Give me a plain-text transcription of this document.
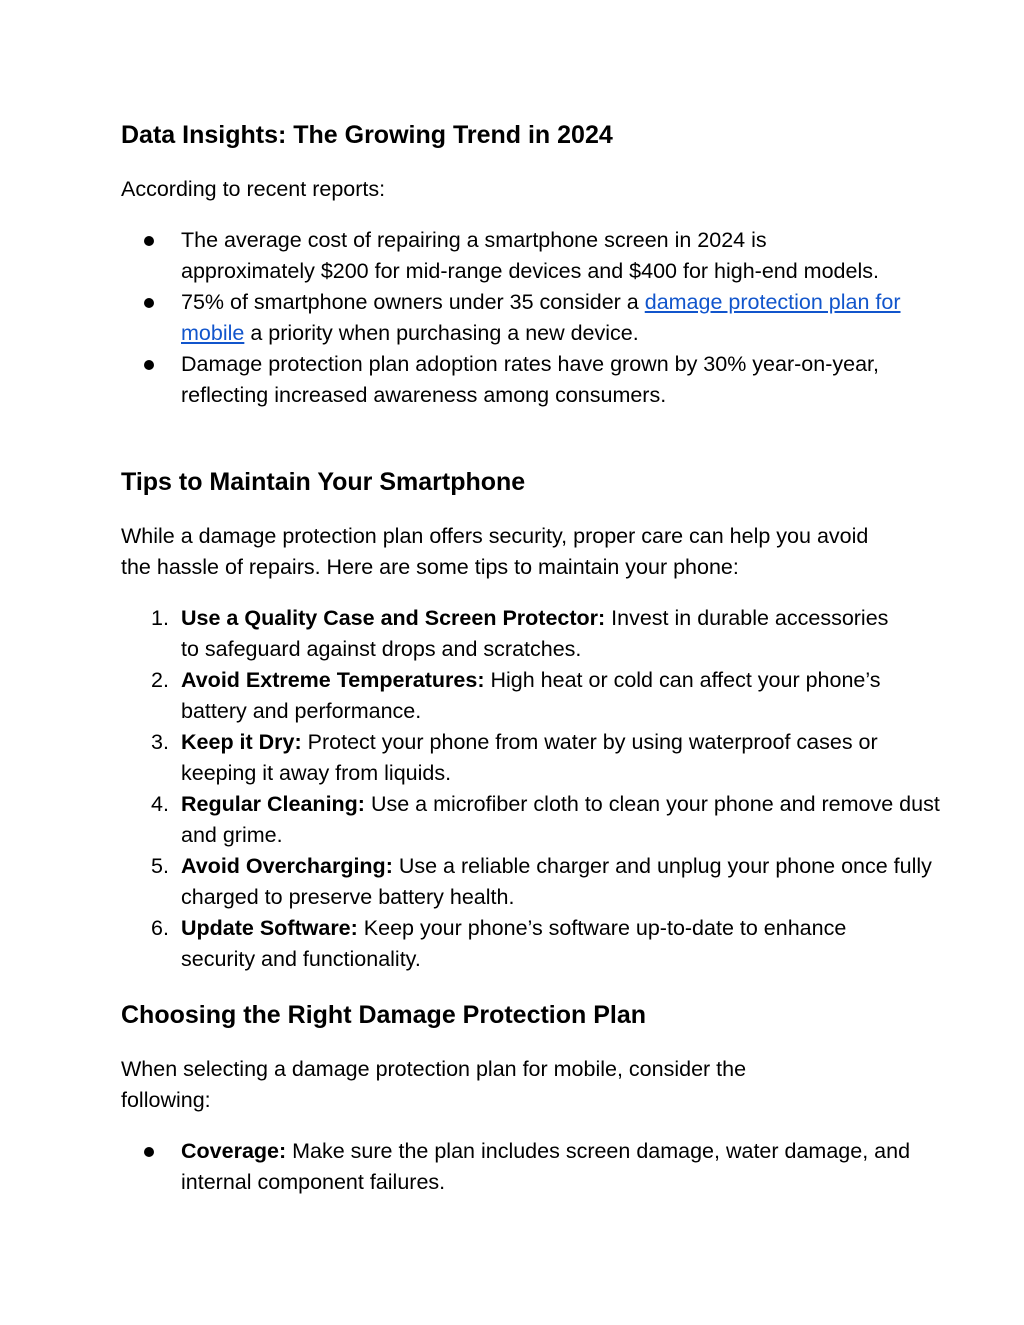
Data Insights: The Growing Trend in 2024

According to recent reports:

The average cost of repairing a smartphone screen in 2024 is approximately $200 for mid-range devices and $400 for high-end models.
75% of smartphone owners under 35 consider a damage protection plan for mobile a priority when purchasing a new device.
Damage protection plan adoption rates have grown by 30% year-on-year, reflecting increased awareness among consumers.
Tips to Maintain Your Smartphone

While a damage protection plan offers security, proper care can help you avoid the hassle of repairs. Here are some tips to maintain your phone:

1. Use a Quality Case and Screen Protector: Invest in durable accessories to safeguard against drops and scratches.
2. Avoid Extreme Temperatures: High heat or cold can affect your phone’s battery and performance.
3. Keep it Dry: Protect your phone from water by using waterproof cases or keeping it away from liquids.
4. Regular Cleaning: Use a microfiber cloth to clean your phone and remove dust and grime.
5. Avoid Overcharging: Use a reliable charger and unplug your phone once fully charged to preserve battery health.
6. Update Software: Keep your phone’s software up-to-date to enhance security and functionality.
Choosing the Right Damage Protection Plan

When selecting a damage protection plan for mobile, consider the following:

Coverage: Make sure the plan includes screen damage, water damage, and internal component failures.
